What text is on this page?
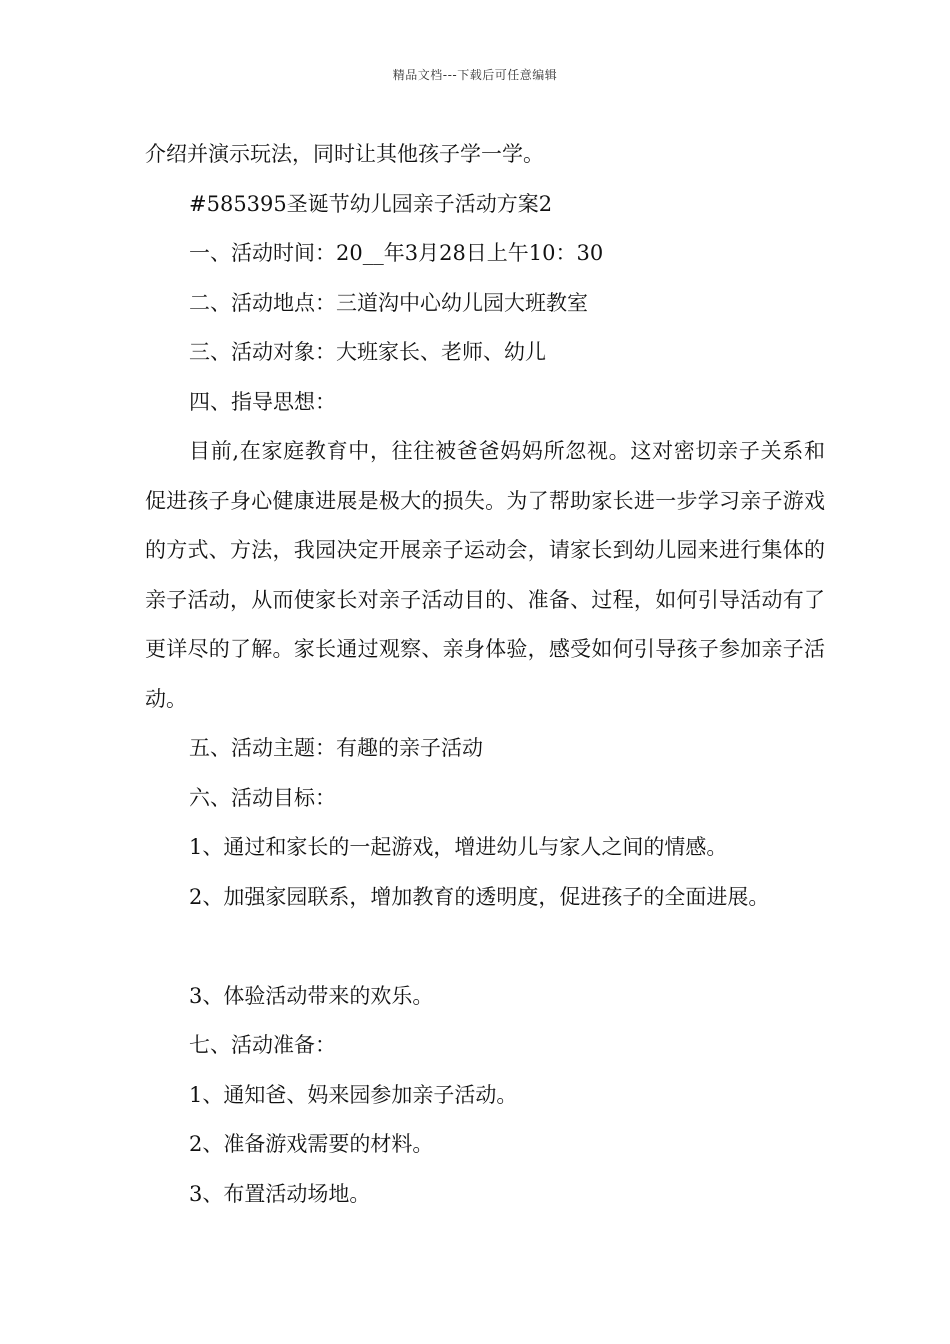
精品文档---下载后可任意编辑
介绍并演示玩法，同时让其他孩子学一学。
#585395圣诞节幼儿园亲子活动方案2
一、活动时间：20__年3月28日上午10：30
二、活动地点：三道沟中心幼儿园大班教室
三、活动对象：大班家长、老师、幼儿
四、指导思想：

目前,在家庭教育中，往往被爸爸妈妈所忽视。这对密切亲子关系和促进孩子身心健康进展是极大的损失。为了帮助家长进一步学习亲子游戏的方式、方法，我园决定开展亲子运动会，请家长到幼儿园来进行集体的亲子活动，从而使家长对亲子活动目的、准备、过程，如何引导活动有了更详尽的了解。家长通过观察、亲身体验，感受如何引导孩子参加亲子活动。

五、活动主题：有趣的亲子活动
六、活动目标：
1、通过和家长的一起游戏，增进幼儿与家人之间的情感。
2、加强家园联系，增加教育的透明度，促进孩子的全面进展。
3、体验活动带来的欢乐。
七、活动准备：
1、通知爸、妈来园参加亲子活动。
2、准备游戏需要的材料。
3、布置活动场地。
